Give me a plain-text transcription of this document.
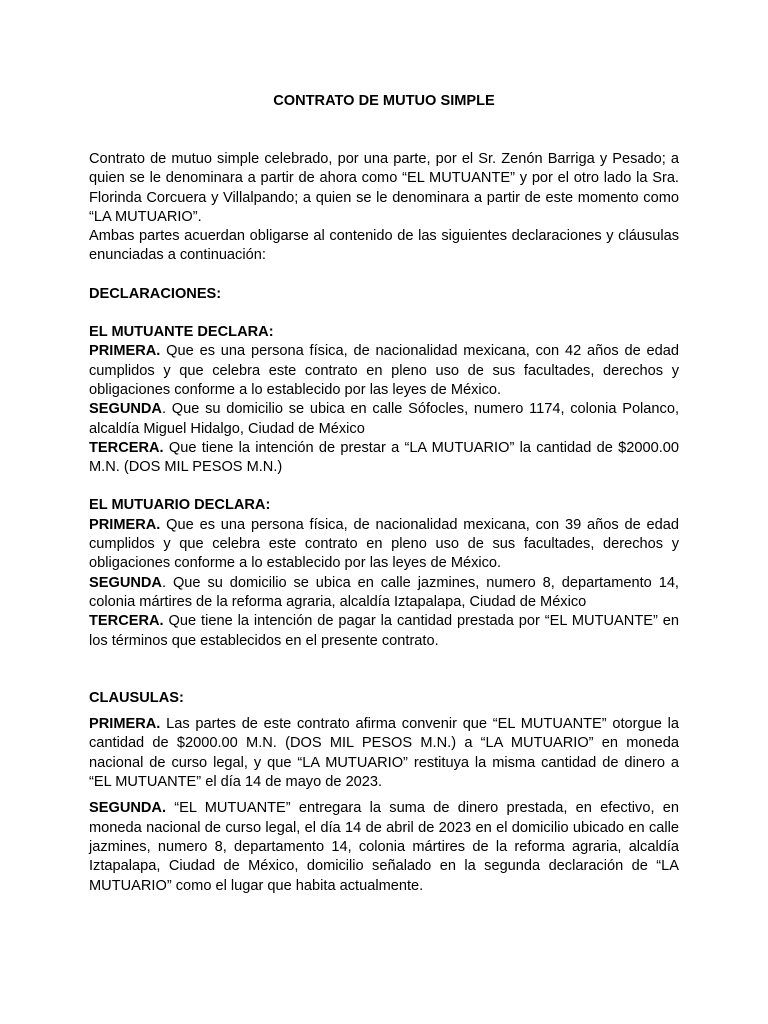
CONTRATO DE MUTUO SIMPLE

Contrato de mutuo simple celebrado, por una parte, por el Sr. Zenón Barriga y Pesado; a quien se le denominara a partir de ahora como “EL MUTUANTE” y por el otro lado la Sra. Florinda Corcuera y Villalpando; a quien se le denominara a partir de este momento como “LA MUTUARIO”.

Ambas partes acuerdan obligarse al contenido de las siguientes declaraciones y cláusulas enunciadas a continuación:

DECLARACIONES:

EL MUTUANTE DECLARA:

PRIMERA. Que es una persona física, de nacionalidad mexicana, con 42 años de edad cumplidos y que celebra este contrato en pleno uso de sus facultades, derechos y obligaciones conforme a lo establecido por las leyes de México.

SEGUNDA. Que su domicilio se ubica en calle Sófocles, numero 1174, colonia Polanco, alcaldía Miguel Hidalgo, Ciudad de México

TERCERA. Que tiene la intención de prestar a “LA MUTUARIO” la cantidad de $2000.00 M.N. (DOS MIL PESOS M.N.)

EL MUTUARIO DECLARA:

PRIMERA. Que es una persona física, de nacionalidad mexicana, con 39 años de edad cumplidos y que celebra este contrato en pleno uso de sus facultades, derechos y obligaciones conforme a lo establecido por las leyes de México.

SEGUNDA. Que su domicilio se ubica en calle jazmines, numero 8, departamento 14, colonia mártires de la reforma agraria, alcaldía Iztapalapa, Ciudad de México

TERCERA. Que tiene la intención de pagar la cantidad prestada por “EL MUTUANTE” en los términos que establecidos en el presente contrato.

CLAUSULAS:

PRIMERA. Las partes de este contrato afirma convenir que “EL MUTUANTE” otorgue la cantidad de $2000.00 M.N. (DOS MIL PESOS M.N.) a “LA MUTUARIO” en moneda nacional de curso legal, y que “LA MUTUARIO” restituya la misma cantidad de dinero a “EL MUTUANTE” el día 14 de mayo de 2023.

SEGUNDA. “EL MUTUANTE” entregara la suma de dinero prestada, en efectivo, en moneda nacional de curso legal, el día 14 de abril de 2023 en el domicilio ubicado en calle jazmines, numero 8, departamento 14, colonia mártires de la reforma agraria, alcaldía Iztapalapa, Ciudad de México, domicilio señalado en la segunda declaración de “LA MUTUARIO” como el lugar que habita actualmente.
